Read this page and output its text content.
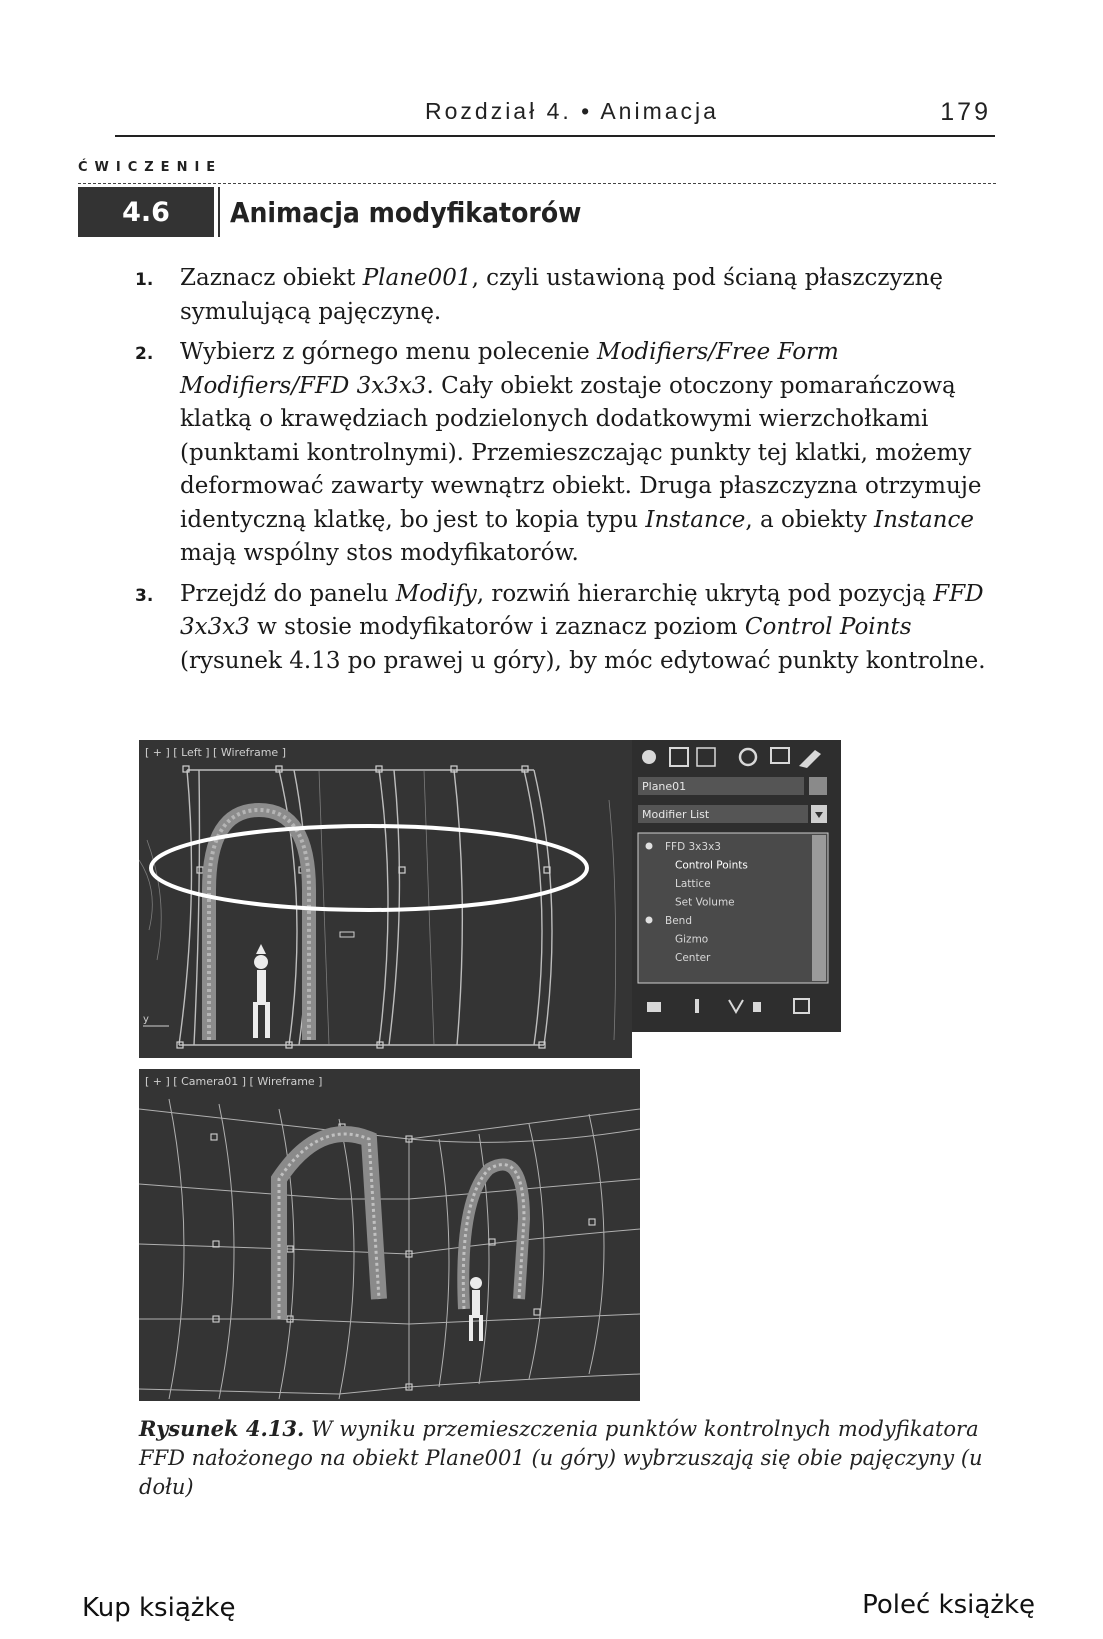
Rozdział 4. • Animacja	179
ĆWICZENIE
4.6	Animacja modyfikatorów
1.	Zaznacz obiekt Plane001, czyli ustawioną pod ścianą płaszczyznę symulującą pajęczynę.
2.	Wybierz z górnego menu polecenie Modifiers/Free Form Modifiers/FFD 3x3x3. Cały obiekt zostaje otoczony pomarańczową klatką o krawędziach podzielonych dodatkowymi wierzchołkami (punktami kontrolnymi). Przemieszczając punkty tej klatki, możemy deformować zawarty wewnątrz obiekt. Druga płaszczyzna otrzymuje identyczną klatkę, bo jest to kopia typu Instance, a obiekty Instance mają wspólny stos modyfikatorów.
3.	Przejdź do panelu Modify, rozwiń hierarchię ukrytą pod pozycją FFD 3x3x3 w stosie modyfikatorów i zaznacz poziom Control Points (rysunek 4.13 po prawej u góry), by móc edytować punkty kontrolne.
[ + ] [ Left ] [ Wireframe ]
y
Plane01
Modifier List
FFD 3x3x3
Control Points
Lattice
Set Volume
Bend
Gizmo
Center
[ + ] [ Camera01 ] [ Wireframe ]
Rysunek 4.13. W wyniku przemieszczenia punktów kontrolnych modyfikatora FFD nałożonego na obiekt Plane001 (u góry) wybrzuszają się obie pajęczyny (u dołu)
Kup książkę	Poleć książkę
